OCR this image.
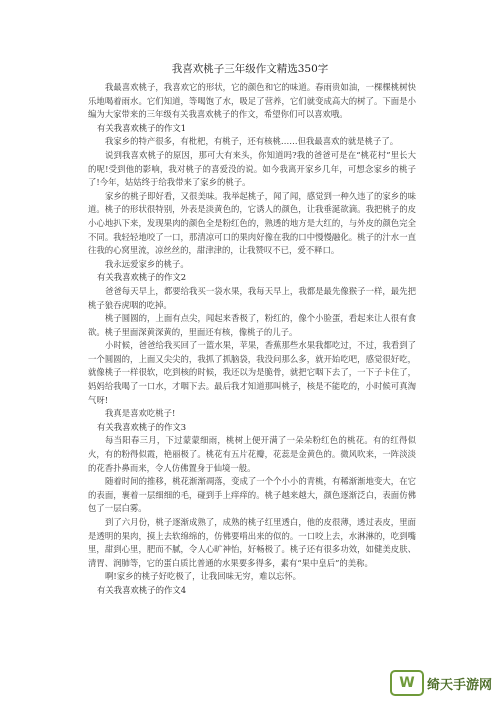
我喜欢桃子三年级作文精选350字

我最喜欢桃子，我喜欢它的形状，它的颜色和它的味道。春雨贵如油，一棵棵桃树快乐地喝着雨水。它们知道，等喝饱了水，吸足了营养，它们就变成高大的树了。下面是小编为大家带来的三年级有关我喜欢桃子的作文，希望你们可以喜欢哦。

有关我喜欢桃子的作文1

我家乡的特产很多，有枇杷，有桃子，还有核桃……但我最喜欢的就是桃子了。

说到我喜欢桃子的原因，那可大有来头，你知道吗?我的爸爸可是在“桃花村”里长大的呢!受到他的影响，我对桃子的喜爱没的说。如今我离开家乡几年，可想念家乡的桃子了!今年，姑姑终于给我带来了家乡的桃子。

家乡的桃子即好看，又很美味。我举起桃子，闻了闻，感觉到一种久违了的家乡的味道。桃子的形状很特别，外表是淡黄色的，它诱人的颜色，让我垂涎欲滴。我把桃子的皮小心地扒下来，发现果肉的颜色全是粉红色的，熟透的地方是大红的，与外皮的颜色完全不同。我轻轻地咬了一口，那清凉可口的果肉好像在我的口中慢慢融化。桃子的汁水一直往我的心窝里流，凉丝丝的，甜津津的，让我赞叹不已，爱不释口。

我永远爱家乡的桃子。

有关我喜欢桃子的作文2

爸爸每天早上，都要给我买一袋水果，我每天早上，我都是最先像猴子一样，最先把桃子狼吞虎咽的吃掉。

桃子圆圆的，上面有点尖，闻起来香极了，粉红的，像个小脸蛋，看起来让人很有食欲。桃子里面深黄深黄的，里面还有核，像桃子的儿子。

小时候，爸爸给我买回了一篮水果，苹果，香蕉那些水果我都吃过，不过，我看到了一个圆圆的，上面又尖尖的，我抓了抓脑袋，我没问那么多，就开始吃吧，感觉很好吃，就像桃子一样很软，吃到核的时候，我还以为是脆骨，就把它咽下去了，一下子卡住了，妈妈给我喝了一口水，才咽下去。最后我才知道那叫桃子，核是不能吃的，小时候可真淘气呀!

我真是喜欢吃桃子!

有关我喜欢桃子的作文3

每当阳春三月，下过蒙蒙细雨，桃树上便开满了一朵朵粉红色的桃花。有的红得似火，有的粉得似霞，艳丽极了。桃花有五片花瓣，花蕊是金黄色的。微风吹来，一阵淡淡的花香扑鼻而来，令人仿佛置身于仙境一般。

随着时间的推移，桃花渐渐凋落，变成了一个个小小的青桃，有稀渐渐地变大，在它的表面，裹着一层细细的毛，碰到手上痒痒的。桃子越来越大，颜色逐渐泛白，表面仿佛包了一层白雾。

到了六月份，桃子逐渐成熟了，成熟的桃子红里透白，他的皮很薄，透过表皮，里面是透明的果肉，摸上去软绵绵的，仿佛要啃出来的似的。一口咬上去，水淋淋的，吃到嘴里，甜到心里，肥而不腻，令人心旷神怡，好畅极了。桃子还有很多功效，如健美皮肤、清胃、润肺等，它的蛋白质比普通的水果要多得多，素有“果中皇后”的美称。

啊!家乡的桃子好吃极了，让我回味无穷，难以忘怀。

有关我喜欢桃子的作文4

W 绮天手游网
